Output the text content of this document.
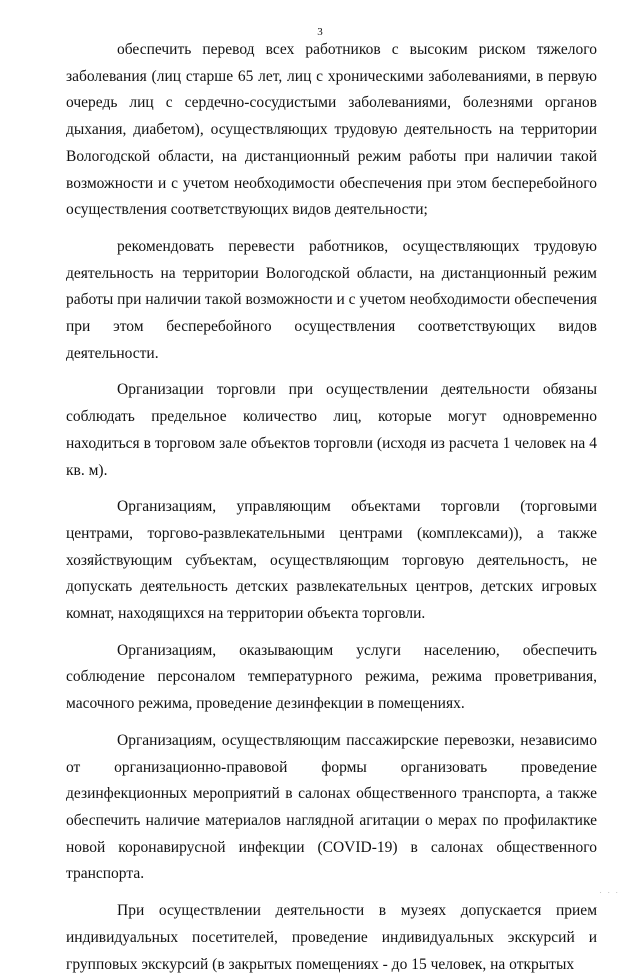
3

обеспечить перевод всех работников с высоким риском тяжелого заболевания (лиц старше 65 лет, лиц с хроническими заболеваниями, в первую очередь лиц с сердечно-сосудистыми заболеваниями, болезнями органов дыхания, диабетом), осуществляющих трудовую деятельность на территории Вологодской области, на дистанционный режим работы при наличии такой возможности и с учетом необходимости обеспечения при этом бесперебойного осуществления соответствующих видов деятельности;

рекомендовать перевести работников, осуществляющих трудовую деятельность на территории Вологодской области, на дистанционный режим работы при наличии такой возможности и с учетом необходимости обеспечения при этом бесперебойного осуществления соответствующих видов деятельности.

Организации торговли при осуществлении деятельности обязаны соблюдать предельное количество лиц, которые могут одновременно находиться в торговом зале объектов торговли (исходя из расчета 1 человек на 4 кв. м).

Организациям, управляющим объектами торговли (торговыми центрами, торгово-развлекательными центрами (комплексами)), а также хозяйствующим субъектам, осуществляющим торговую деятельность, не допускать деятельность детских развлекательных центров, детских игровых комнат, находящихся на территории объекта торговли.

Организациям, оказывающим услуги населению, обеспечить соблюдение персоналом температурного режима, режима проветривания, масочного режима, проведение дезинфекции в помещениях.

Организациям, осуществляющим пассажирские перевозки, независимо от организационно-правовой формы организовать проведение дезинфекционных мероприятий в салонах общественного транспорта, а также обеспечить наличие материалов наглядной агитации о мерах по профилактике новой коронавирусной инфекции (COVID-19) в салонах общественного транспорта.

При осуществлении деятельности в музеях допускается прием индивидуальных посетителей, проведение индивидуальных экскурсий и групповых экскурсий (в закрытых помещениях - до 15 человек, на открытых

· · ·
